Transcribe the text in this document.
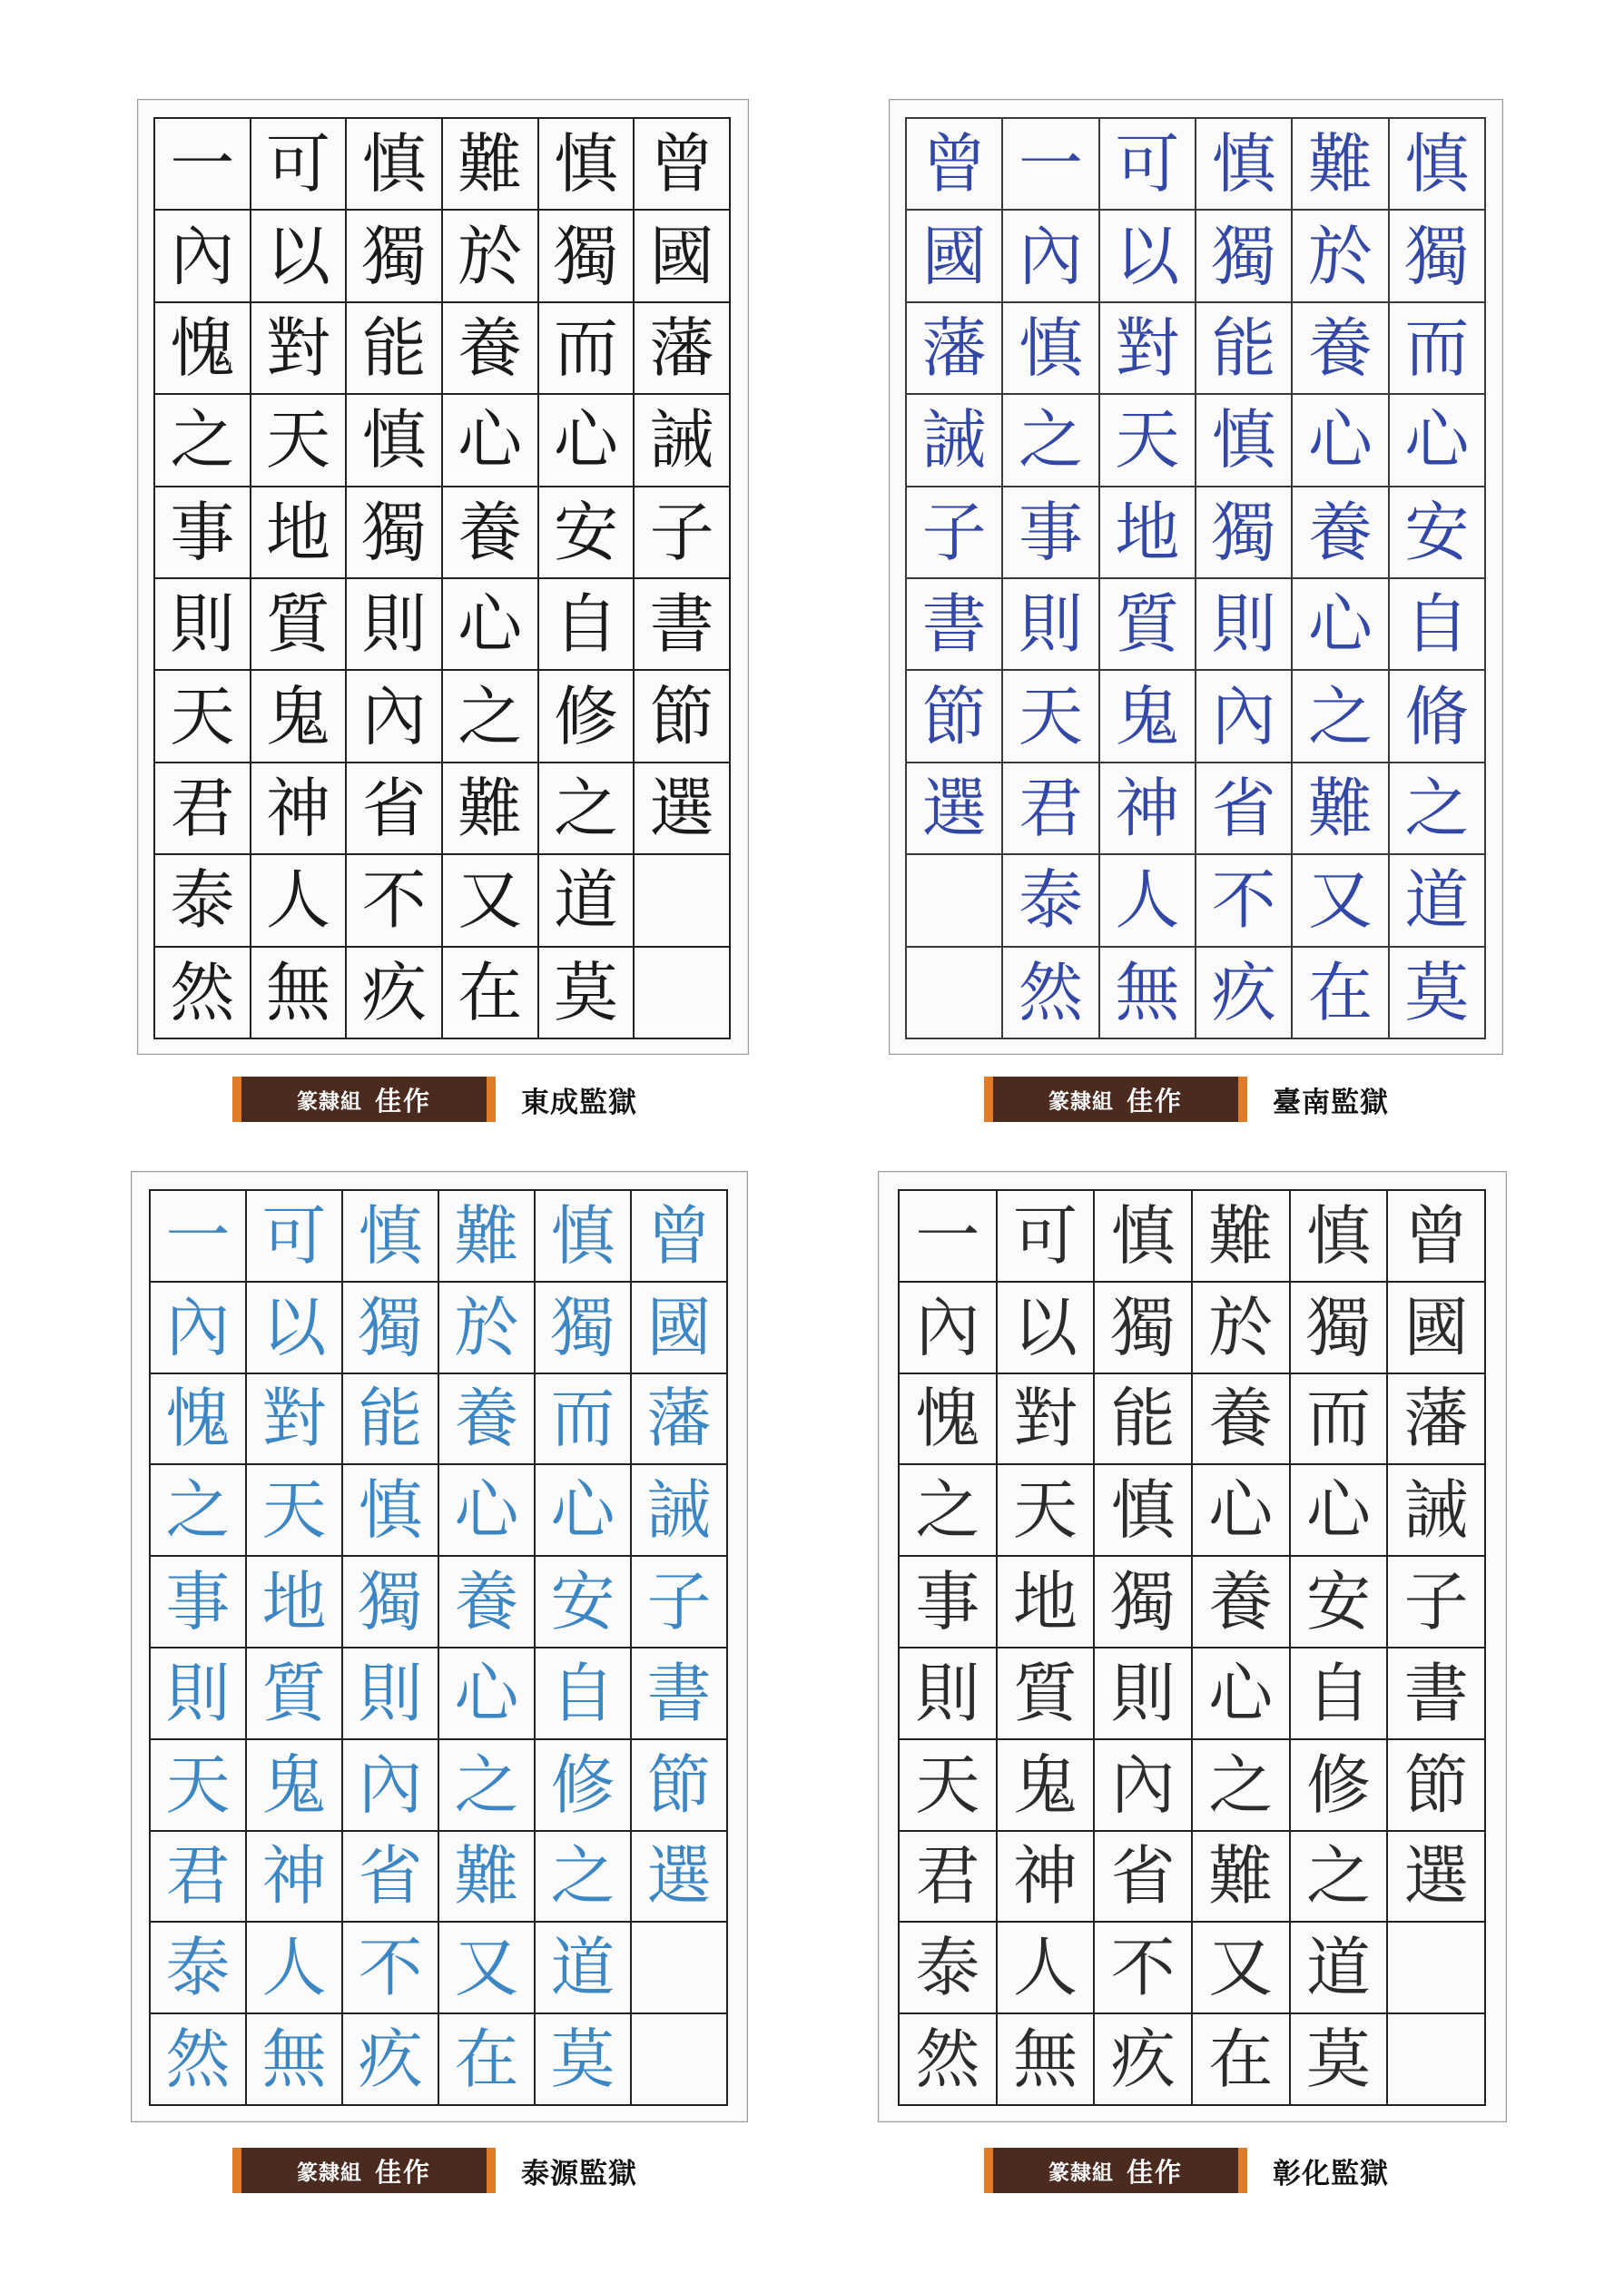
一	可	慎	難	慎	曾
內	以	獨	於	獨	國
愧	對	能	養	而	藩
之	天	慎	心	心	誡
事	地	獨	養	安	子
則	質	則	心	自	書
天	鬼	內	之	修	節
君	神	省	難	之	選
泰	人	不	又	道	
然	無	疚	在	莫	
篆隸組 佳作	東成監獄
曾	一	可	慎	難	慎
國	內	以	獨	於	獨
藩	慎	對	能	養	而
誡	之	天	慎	心	心
子	事	地	獨	養	安
書	則	質	則	心	自
節	天	鬼	內	之	脩
選	君	神	省	難	之
	泰	人	不	又	道
	然	無	疚	在	莫
篆隸組 佳作	臺南監獄
一	可	慎	難	慎	曾
內	以	獨	於	獨	國
愧	對	能	養	而	藩
之	天	慎	心	心	誡
事	地	獨	養	安	子
則	質	則	心	自	書
天	鬼	內	之	修	節
君	神	省	難	之	選
泰	人	不	又	道	
然	無	疚	在	莫	
篆隸組 佳作	泰源監獄
一	可	慎	難	慎	曾
內	以	獨	於	獨	國
愧	對	能	養	而	藩
之	天	慎	心	心	誡
事	地	獨	養	安	子
則	質	則	心	自	書
天	鬼	內	之	修	節
君	神	省	難	之	選
泰	人	不	又	道	
然	無	疚	在	莫	
篆隸組 佳作	彰化監獄
